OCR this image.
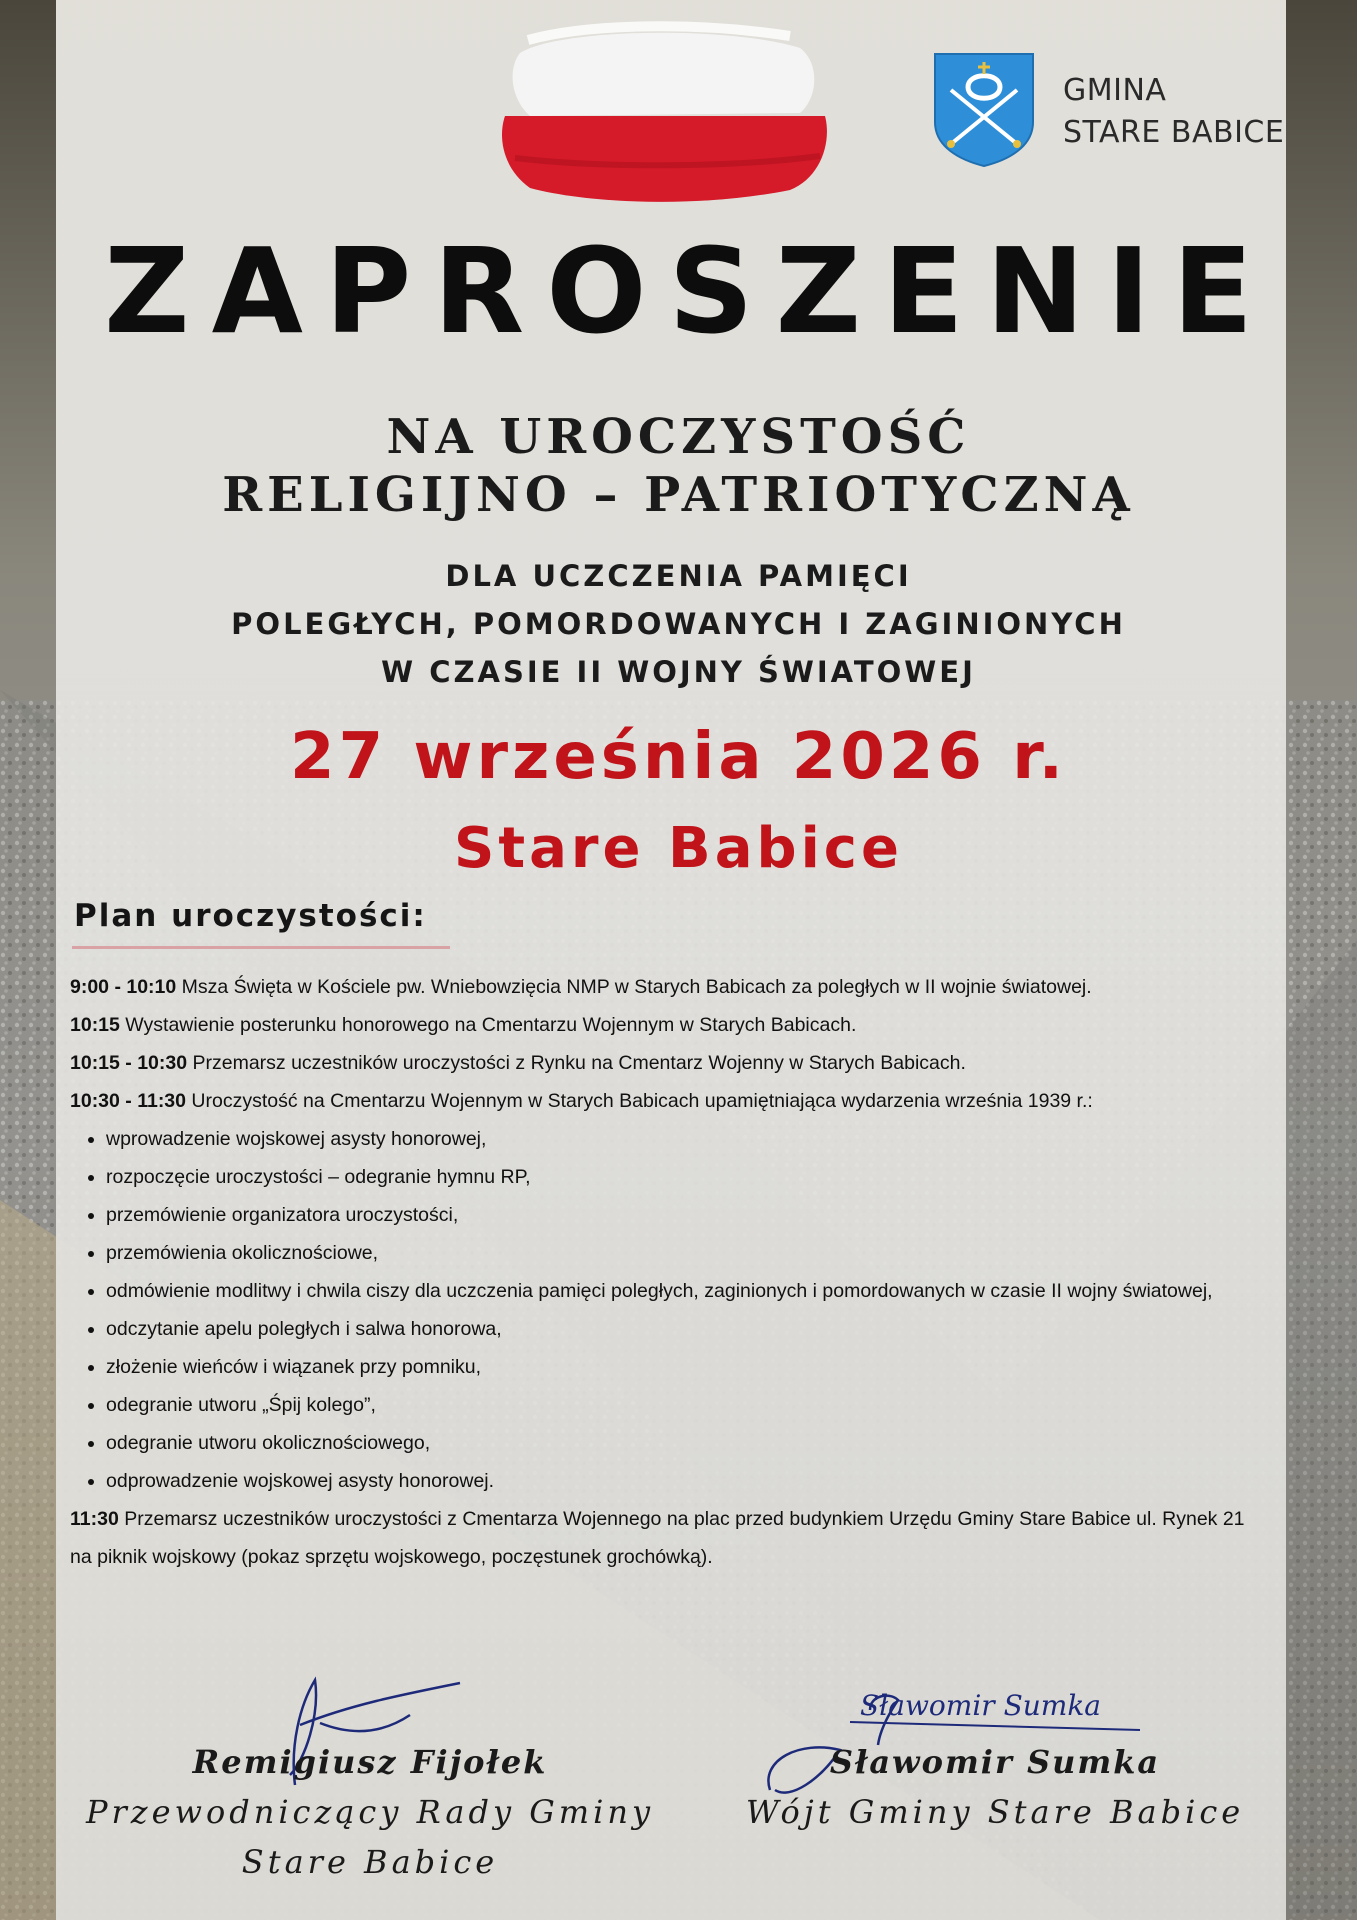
GMINA
STARE BABICE
ZAPROSZENIE
NA UROCZYSTOŚĆ
RELIGIJNO – PATRIOTYCZNĄ
DLA UCZCZENIA PAMIĘCI
POLEGŁYCH, POMORDOWANYCH I ZAGINIONYCH
W CZASIE II WOJNY ŚWIATOWEJ
27 września 2026 r.
Stare Babice
Plan uroczystości:

9:00 - 10:10 Msza Święta w Kościele pw. Wniebowzięcia NMP w Starych Babicach za poległych w II wojnie światowej.

10:15 Wystawienie posterunku honorowego na Cmentarzu Wojennym w Starych Babicach.

10:15 - 10:30 Przemarsz uczestników uroczystości z Rynku na Cmentarz Wojenny w Starych Babicach.

10:30 - 11:30 Uroczystość na Cmentarzu Wojennym w Starych Babicach upamiętniająca wydarzenia września 1939 r.:

• wprowadzenie wojskowej asysty honorowej,
• rozpoczęcie uroczystości – odegranie hymnu RP,
• przemówienie organizatora uroczystości,
• przemówienia okolicznościowe,
• odmówienie modlitwy i chwila ciszy dla uczczenia pamięci poległych, zaginionych i pomordowanych w czasie II wojny światowej,
• odczytanie apelu poległych i salwa honorowa,
• złożenie wieńców i wiązanek przy pomniku,
• odegranie utworu „Śpij kolego”,
• odegranie utworu okolicznościowego,
• odprowadzenie wojskowej asysty honorowej.

11:30 Przemarsz uczestników uroczystości z Cmentarza Wojennego na plac przed budynkiem Urzędu Gminy Stare Babice ul. Rynek 21 na piknik wojskowy (pokaz sprzętu wojskowego, poczęstunek grochówką).

Sławomir Sumka
Remigiusz Fijołek
Przewodniczący Rady Gminy
Stare Babice
Sławomir Sumka
Wójt Gminy Stare Babice
